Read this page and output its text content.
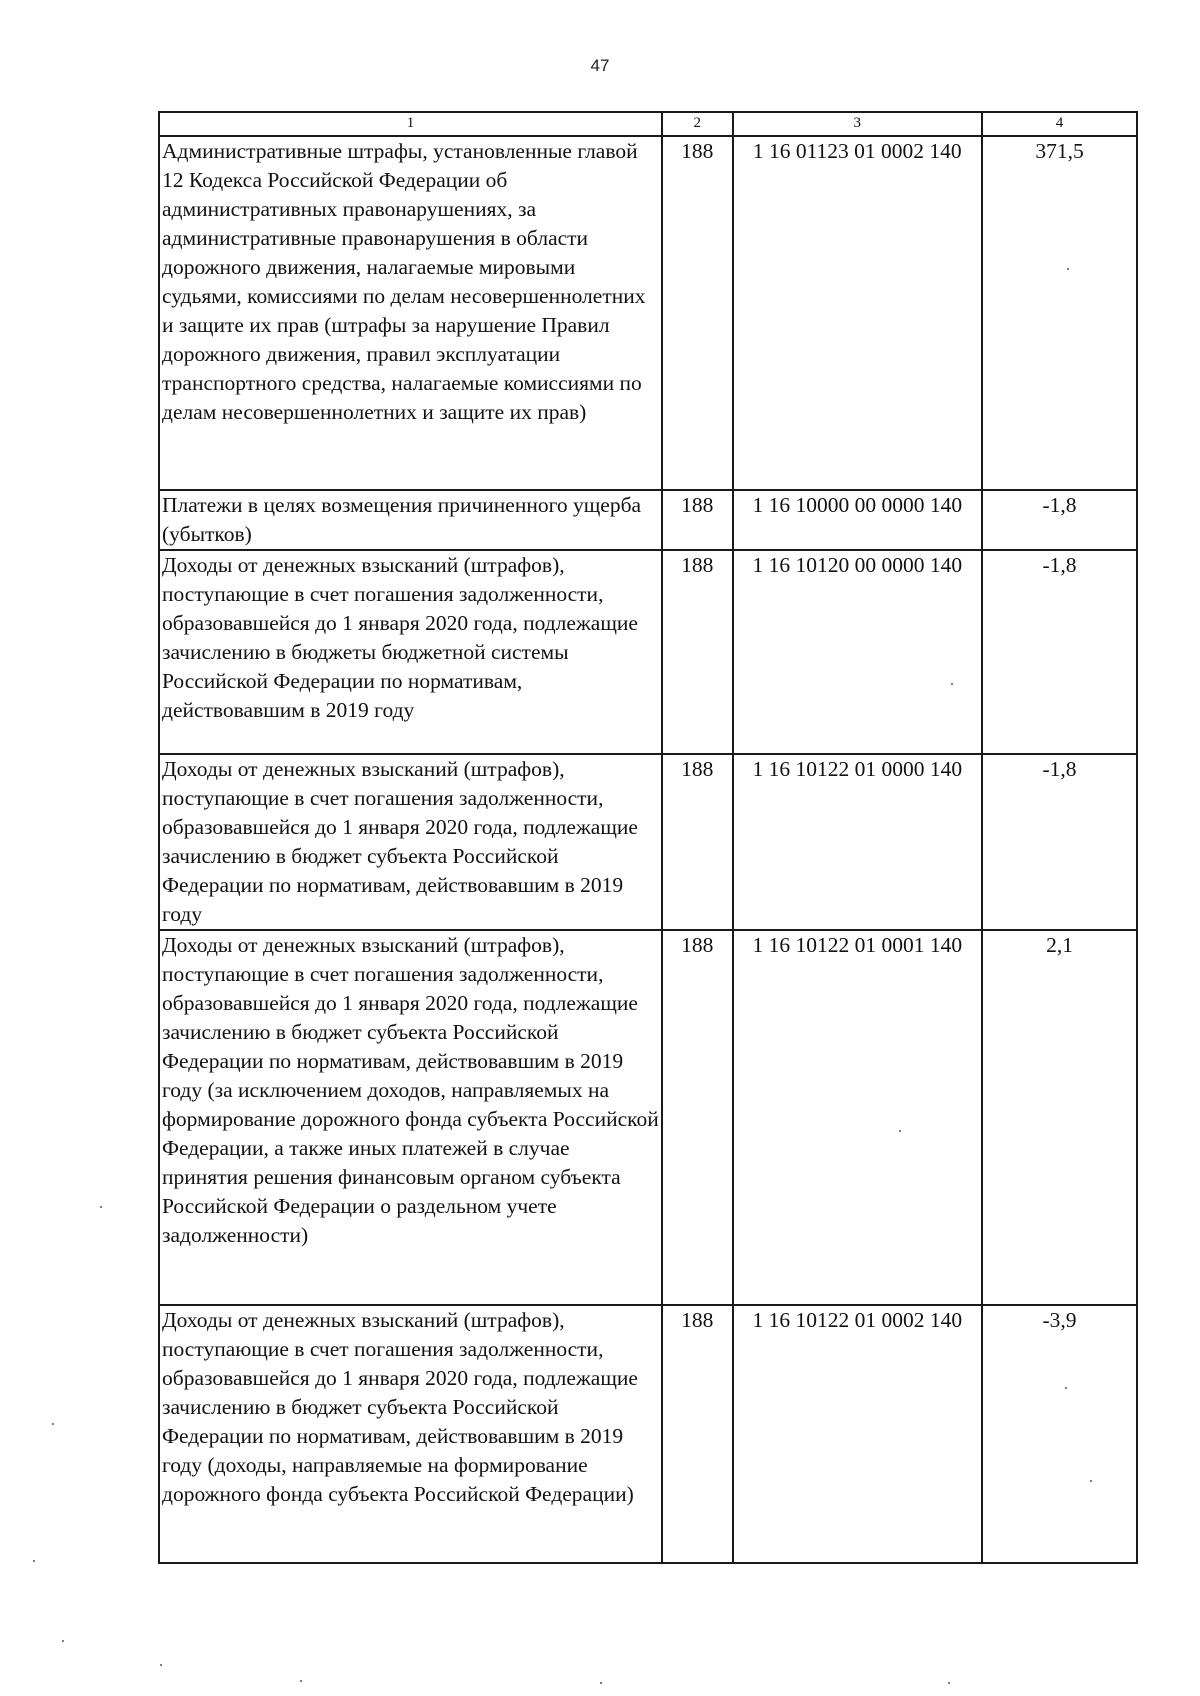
47
1	2	3	4
Административные штрафы, установленные главой 12 Кодекса Российской Федерации об административных правонарушениях, за административные правонарушения в области дорожного движения, налагаемые мировыми судьями, комиссиями по делам несовершеннолетних и защите их прав (штрафы за нарушение Правил дорожного движения, правил эксплуатации транспортного средства, налагаемые комиссиями по делам несовершеннолетних и защите их прав)	188	1 16 01123 01 0002 140	371,5
Платежи в целях возмещения причиненного ущерба (убытков)	188	1 16 10000 00 0000 140	-1,8
Доходы от денежных взысканий (штрафов), поступающие в счет погашения задолженности, образовавшейся до 1 января 2020 года, подлежащие зачислению в бюджеты бюджетной системы Российской Федерации по нормативам, действовавшим в 2019 году	188	1 16 10120 00 0000 140	-1,8
Доходы от денежных взысканий (штрафов), поступающие в счет погашения задолженности, образовавшейся до 1 января 2020 года, подлежащие зачислению в бюджет субъекта Российской Федерации по нормативам, действовавшим в 2019 году	188	1 16 10122 01 0000 140	-1,8
Доходы от денежных взысканий (штрафов), поступающие в счет погашения задолженности, образовавшейся до 1 января 2020 года, подлежащие зачислению в бюджет субъекта Российской Федерации по нормативам, действовавшим в 2019 году (за исключением доходов, направляемых на формирование дорожного фонда субъекта Российской Федерации, а также иных платежей в случае принятия решения финансовым органом субъекта Российской Федерации о раздельном учете задолженности)	188	1 16 10122 01 0001 140	2,1
Доходы от денежных взысканий (штрафов), поступающие в счет погашения задолженности, образовавшейся до 1 января 2020 года, подлежащие зачислению в бюджет субъекта Российской Федерации по нормативам, действовавшим в 2019 году (доходы, направляемые на формирование дорожного фонда субъекта Российской Федерации)	188	1 16 10122 01 0002 140	-3,9
